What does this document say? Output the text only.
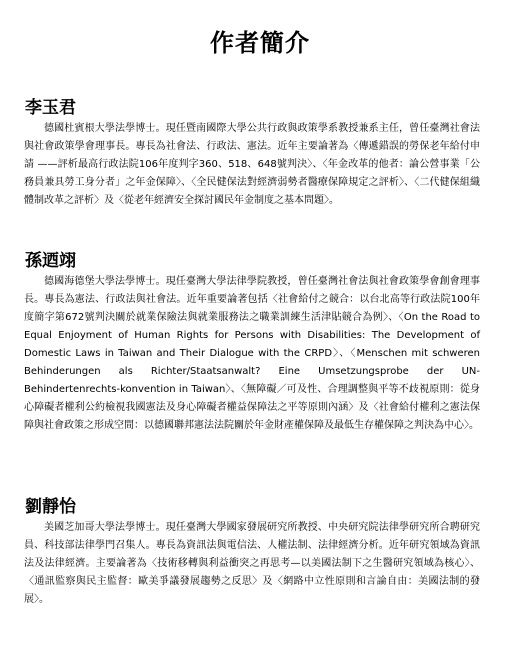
作者簡介
李玉君

德國杜賓根大學法學博士。現任暨南國際大學公共行政與政策學系教授兼系主任，曾任臺灣社會法與社會政策學會理事長。專長為社會法、行政法、憲法。近年主要論著為〈傳遞錯誤的勞保老年給付申請 ——評析最高行政法院106年度判字360、518、648號判決〉、〈年金改革的他者：論公營事業「公務員兼具勞工身分者」之年金保障〉、〈全民健保法對經濟弱勢者醫療保障規定之評析〉、〈二代健保組織體制改革之評析〉及〈從老年經濟安全探討國民年金制度之基本問題〉。

孫迺翊

德國海德堡大學法學博士。現任臺灣大學法律學院教授，曾任臺灣社會法與社會政策學會創會理事長。專長為憲法、行政法與社會法。近年重要論著包括〈社會給付之競合：以台北高等行政法院100年度簡字第672號判決關於就業保險法與就業服務法之職業訓練生活津貼競合為例〉、〈On the Road to Equal Enjoyment of Human Rights for Persons with Disabilities: The Development of Domestic Laws in Taiwan and Their Dialogue with the CRPD〉、〈Menschen mit schweren Behinderungen als Richter/Staatsanwalt? Eine Umsetzungsprobe der UN-Behindertenrechts-konvention in Taiwan〉、〈無障礙／可及性、合理調整與平等不歧視原則：從身心障礙者權利公約檢視我國憲法及身心障礙者權益保障法之平等原則內涵〉及〈社會給付權利之憲法保障與社會政策之形成空間：以德國聯邦憲法法院關於年金財產權保障及最低生存權保障之判決為中心〉。

劉靜怡

美國芝加哥大學法學博士。現任臺灣大學國家發展研究所教授、中央研究院法律學研究所合聘研究員、科技部法律學門召集人。專長為資訊法與電信法、人權法制、法律經濟分析。近年研究領域為資訊法及法律經濟。主要論著為〈技術移轉與利益衝突之再思考—以美國法制下之生醫研究領域為核心〉、〈通訊監察與民主監督：歐美爭議發展趨勢之反思〉及〈網路中立性原則和言論自由：美國法制的發展〉。
